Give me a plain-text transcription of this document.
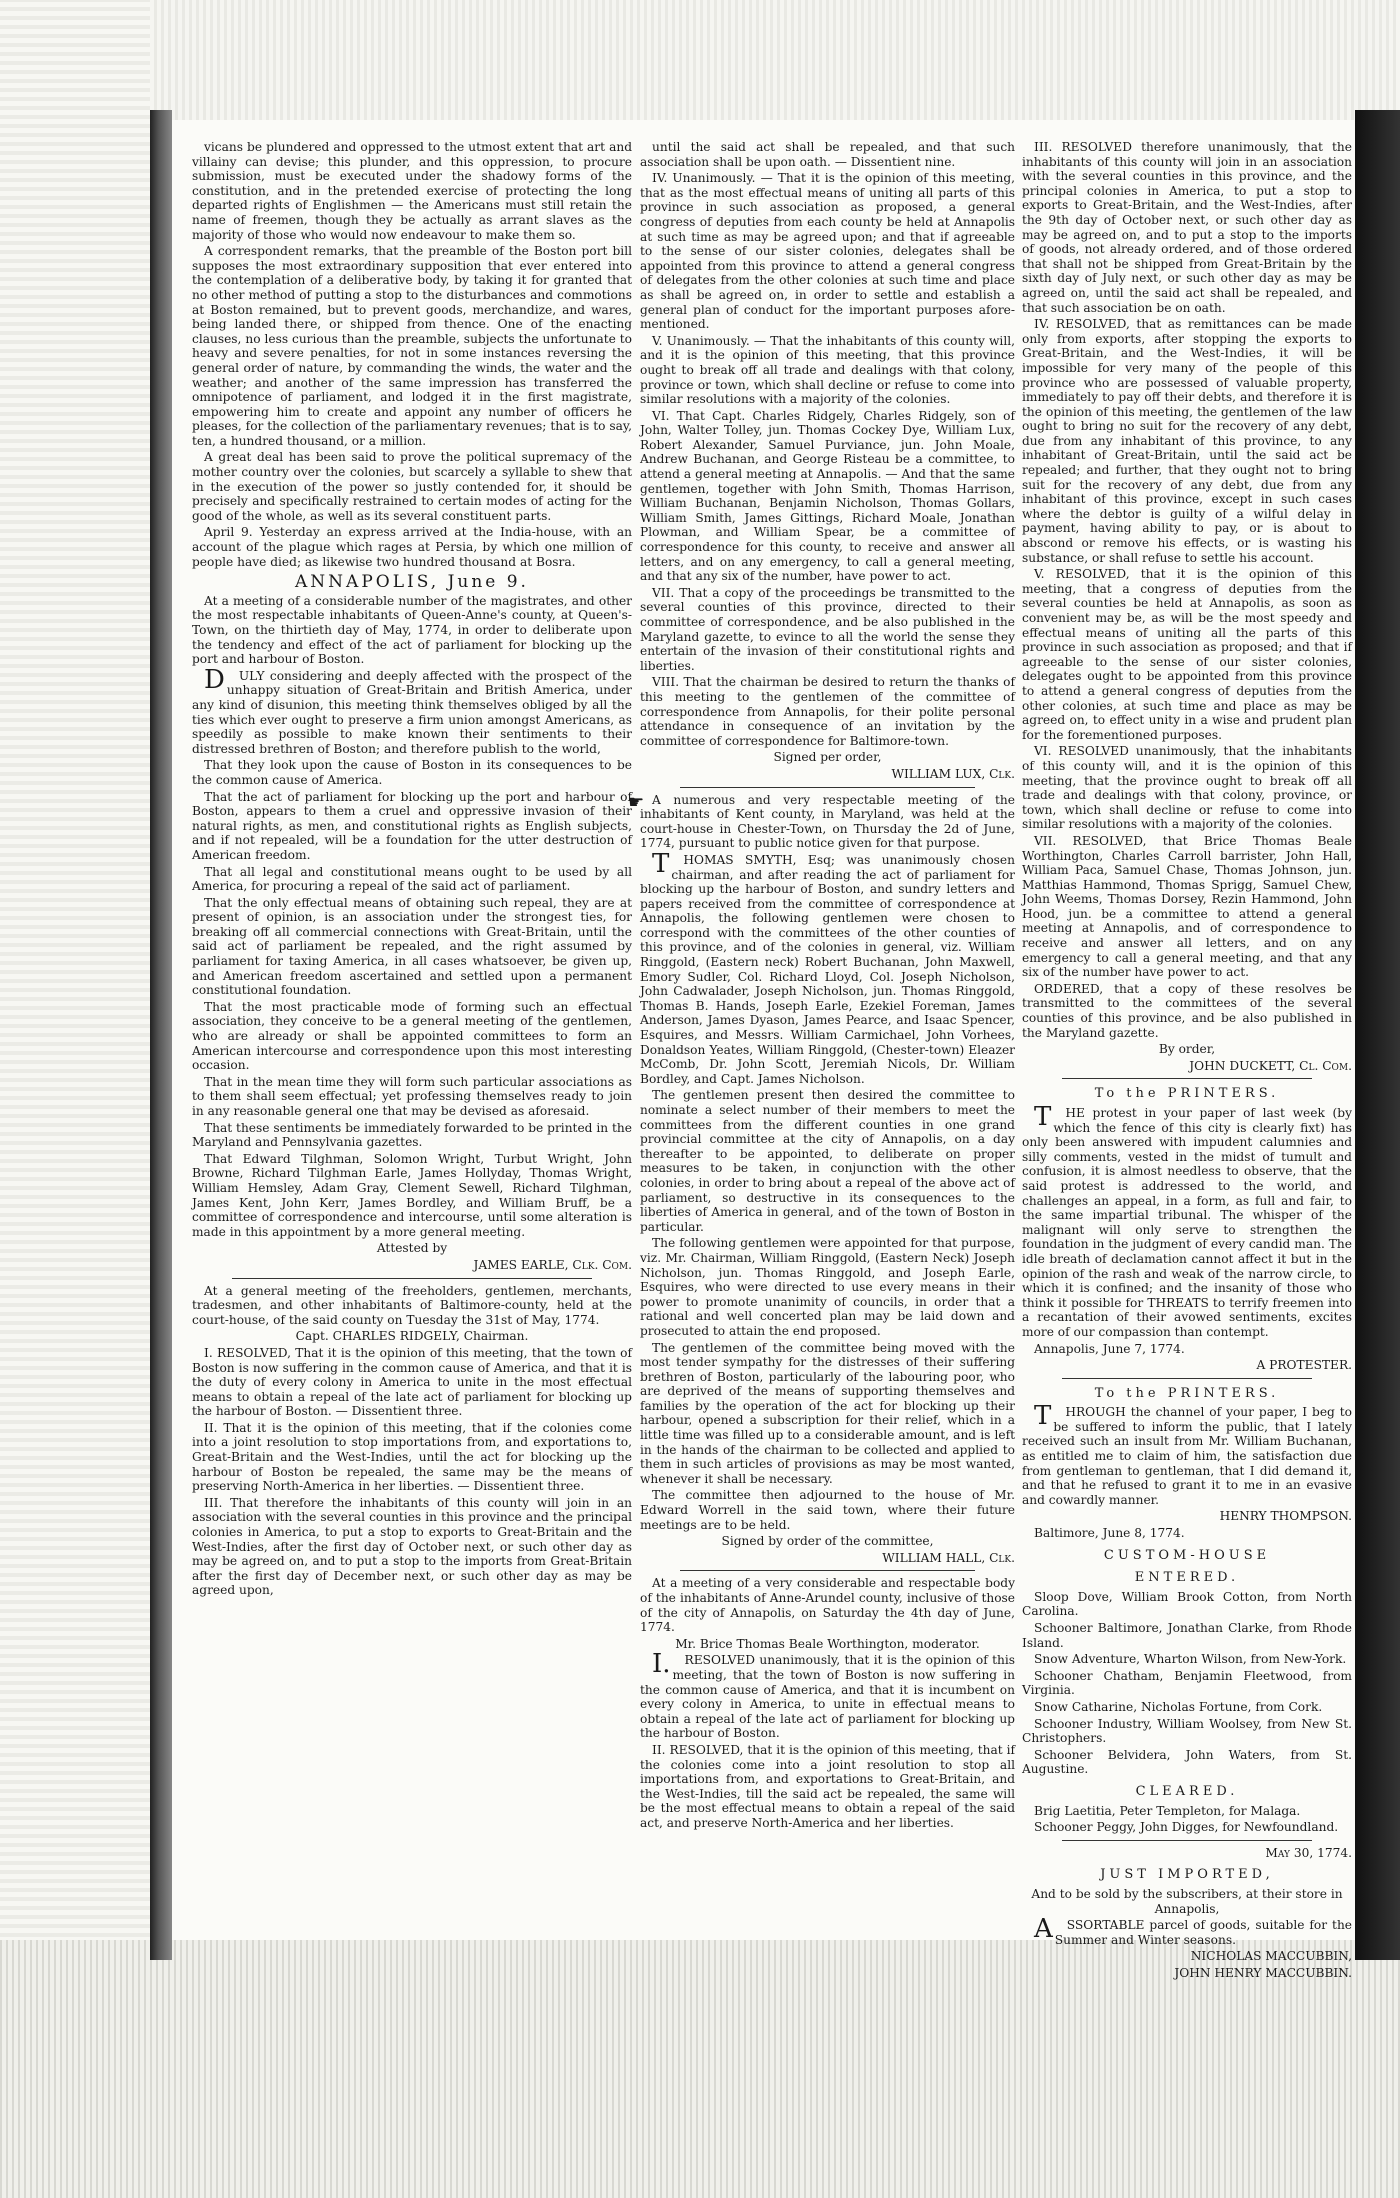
vicans be plundered and oppressed to the utmost extent that art and villainy can devise; this plunder, and this oppression, to procure submission, must be executed under the shadowy forms of the constitution, and in the pretended exercise of protecting the long departed rights of Englishmen — the Americans must still retain the name of freemen, though they be actually as arrant slaves as the majority of those who would now endeavour to make them so.

A correspondent remarks, that the preamble of the Boston port bill supposes the most extraordinary supposition that ever entered into the contemplation of a deliberative body, by taking it for granted that no other method of putting a stop to the disturbances and commotions at Boston remained, but to prevent goods, merchandize, and wares, being landed there, or shipped from thence. One of the enacting clauses, no less curious than the preamble, subjects the unfortunate to heavy and severe penalties, for not in some instances reversing the general order of nature, by commanding the winds, the water and the weather; and another of the same impression has transferred the omnipotence of parliament, and lodged it in the first magistrate, empowering him to create and appoint any number of officers he pleases, for the collection of the parliamentary revenues; that is to say, ten, a hundred thousand, or a million.

A great deal has been said to prove the political supremacy of the mother country over the colonies, but scarcely a syllable to shew that in the execution of the power so justly contended for, it should be precisely and specifically restrained to certain modes of acting for the good of the whole, as well as its several constituent parts.

April 9. Yesterday an express arrived at the India-house, with an account of the plague which rages at Persia, by which one million of people have died; as likewise two hundred thousand at Bosra.

ANNAPOLIS, June 9.

At a meeting of a considerable number of the magistrates, and other the most respectable inhabitants of Queen-Anne's county, at Queen's-Town, on the thirtieth day of May, 1774, in order to deliberate upon the tendency and effect of the act of parliament for blocking up the port and harbour of Boston.

DULY considering and deeply affected with the prospect of the unhappy situation of Great-Britain and British America, under any kind of disunion, this meeting think themselves obliged by all the ties which ever ought to preserve a firm union amongst Americans, as speedily as possible to make known their sentiments to their distressed brethren of Boston; and therefore publish to the world,

That they look upon the cause of Boston in its consequences to be the common cause of America.

That the act of parliament for blocking up the port and harbour of Boston, appears to them a cruel and oppressive invasion of their natural rights, as men, and constitutional rights as English subjects, and if not repealed, will be a foundation for the utter destruction of American freedom.

That all legal and constitutional means ought to be used by all America, for procuring a repeal of the said act of parliament.

That the only effectual means of obtaining such repeal, they are at present of opinion, is an association under the strongest ties, for breaking off all commercial connections with Great-Britain, until the said act of parliament be repealed, and the right assumed by parliament for taxing America, in all cases whatsoever, be given up, and American freedom ascertained and settled upon a permanent constitutional foundation.

That the most practicable mode of forming such an effectual association, they conceive to be a general meeting of the gentlemen, who are already or shall be appointed committees to form an American intercourse and correspondence upon this most interesting occasion.

That in the mean time they will form such particular associations as to them shall seem effectual; yet professing themselves ready to join in any reasonable general one that may be devised as aforesaid.

That these sentiments be immediately forwarded to be printed in the Maryland and Pennsylvania gazettes.

That Edward Tilghman, Solomon Wright, Turbut Wright, John Browne, Richard Tilghman Earle, James Hollyday, Thomas Wright, William Hemsley, Adam Gray, Clement Sewell, Richard Tilghman, James Kent, John Kerr, James Bordley, and William Bruff, be a committee of correspondence and intercourse, until some alteration is made in this appointment by a more general meeting.

Attested by

JAMES EARLE, Clk. Com.

At a general meeting of the freeholders, gentlemen, merchants, tradesmen, and other inhabitants of Baltimore-county, held at the court-house, of the said county on Tuesday the 31st of May, 1774.

Capt. CHARLES RIDGELY, Chairman.

I. RESOLVED, That it is the opinion of this meeting, that the town of Boston is now suffering in the common cause of America, and that it is the duty of every colony in America to unite in the most effectual means to obtain a repeal of the late act of parliament for blocking up the harbour of Boston. — Dissentient three.

II. That it is the opinion of this meeting, that if the colonies come into a joint resolution to stop importations from, and exportations to, Great-Britain and the West-Indies, until the act for blocking up the harbour of Boston be repealed, the same may be the means of preserving North-America in her liberties. — Dissentient three.

III. That therefore the inhabitants of this county will join in an association with the several counties in this province and the principal colonies in America, to put a stop to exports to Great-Britain and the West-Indies, after the first day of October next, or such other day as may be agreed on, and to put a stop to the imports from Great-Britain after the first day of December next, or such other day as may be agreed upon,

until the said act shall be repealed, and that such association shall be upon oath. — Dissentient nine.

IV. Unanimously. — That it is the opinion of this meeting, that as the most effectual means of uniting all parts of this province in such association as proposed, a general congress of deputies from each county be held at Annapolis at such time as may be agreed upon; and that if agreeable to the sense of our sister colonies, delegates shall be appointed from this province to attend a general congress of delegates from the other colonies at such time and place as shall be agreed on, in order to settle and establish a general plan of conduct for the important purposes afore-mentioned.

V. Unanimously. — That the inhabitants of this county will, and it is the opinion of this meeting, that this province ought to break off all trade and dealings with that colony, province or town, which shall decline or refuse to come into similar resolutions with a majority of the colonies.

VI. That Capt. Charles Ridgely, Charles Ridgely, son of John, Walter Tolley, jun. Thomas Cockey Dye, William Lux, Robert Alexander, Samuel Purviance, jun. John Moale, Andrew Buchanan, and George Risteau be a committee, to attend a general meeting at Annapolis. — And that the same gentlemen, together with John Smith, Thomas Harrison, William Buchanan, Benjamin Nicholson, Thomas Gollars, William Smith, James Gittings, Richard Moale, Jonathan Plowman, and William Spear, be a committee of correspondence for this county, to receive and answer all letters, and on any emergency, to call a general meeting, and that any six of the number, have power to act.

VII. That a copy of the proceedings be transmitted to the several counties of this province, directed to their committee of correspondence, and be also published in the Maryland gazette, to evince to all the world the sense they entertain of the invasion of their constitutional rights and liberties.

VIII. That the chairman be desired to return the thanks of this meeting to the gentlemen of the committee of correspondence from Annapolis, for their polite personal attendance in consequence of an invitation by the committee of correspondence for Baltimore-town.

Signed per order,

WILLIAM LUX, Clk.

A numerous and very respectable meeting of the inhabitants of Kent county, in Maryland, was held at the court-house in Chester-Town, on Thursday the 2d of June, 1774, pursuant to public notice given for that purpose.

THOMAS SMYTH, Esq; was unanimously chosen chairman, and after reading the act of parliament for blocking up the harbour of Boston, and sundry letters and papers received from the committee of correspondence at Annapolis, the following gentlemen were chosen to correspond with the committees of the other counties of this province, and of the colonies in general, viz. William Ringgold, (Eastern neck) Robert Buchanan, John Maxwell, Emory Sudler, Col. Richard Lloyd, Col. Joseph Nicholson, John Cadwalader, Joseph Nicholson, jun. Thomas Ringgold, Thomas B. Hands, Joseph Earle, Ezekiel Foreman, James Anderson, James Dyason, James Pearce, and Isaac Spencer, Esquires, and Messrs. William Carmichael, John Vorhees, Donaldson Yeates, William Ringgold, (Chester-town) Eleazer McComb, Dr. John Scott, Jeremiah Nicols, Dr. William Bordley, and Capt. James Nicholson.

The gentlemen present then desired the committee to nominate a select number of their members to meet the committees from the different counties in one grand provincial committee at the city of Annapolis, on a day thereafter to be appointed, to deliberate on proper measures to be taken, in conjunction with the other colonies, in order to bring about a repeal of the above act of parliament, so destructive in its consequences to the liberties of America in general, and of the town of Boston in particular.

The following gentlemen were appointed for that purpose, viz. Mr. Chairman, William Ringgold, (Eastern Neck) Joseph Nicholson, jun. Thomas Ringgold, and Joseph Earle, Esquires, who were directed to use every means in their power to promote unanimity of councils, in order that a rational and well concerted plan may be laid down and prosecuted to attain the end proposed.

The gentlemen of the committee being moved with the most tender sympathy for the distresses of their suffering brethren of Boston, particularly of the labouring poor, who are deprived of the means of supporting themselves and families by the operation of the act for blocking up their harbour, opened a subscription for their relief, which in a little time was filled up to a considerable amount, and is left in the hands of the chairman to be collected and applied to them in such articles of provisions as may be most wanted, whenever it shall be necessary.

The committee then adjourned to the house of Mr. Edward Worrell in the said town, where their future meetings are to be held.

Signed by order of the committee,

WILLIAM HALL, Clk.

At a meeting of a very considerable and respectable body of the inhabitants of Anne-Arundel county, inclusive of those of the city of Annapolis, on Saturday the 4th day of June, 1774.

Mr. Brice Thomas Beale Worthington, moderator.

I.RESOLVED unanimously, that it is the opinion of this meeting, that the town of Boston is now suffering in the common cause of America, and that it is incumbent on every colony in America, to unite in effectual means to obtain a repeal of the late act of parliament for blocking up the harbour of Boston.

II. RESOLVED, that it is the opinion of this meeting, that if the colonies come into a joint resolution to stop all importations from, and exportations to Great-Britain, and the West-Indies, till the said act be repealed, the same will be the most effectual means to obtain a repeal of the said act, and preserve North-America and her liberties.

III. RESOLVED therefore unanimously, that the inhabitants of this county will join in an association with the several counties in this province, and the principal colonies in America, to put a stop to exports to Great-Britain, and the West-Indies, after the 9th day of October next, or such other day as may be agreed on, and to put a stop to the imports of goods, not already ordered, and of those ordered that shall not be shipped from Great-Britain by the sixth day of July next, or such other day as may be agreed on, until the said act shall be repealed, and that such association be on oath.

IV. RESOLVED, that as remittances can be made only from exports, after stopping the exports to Great-Britain, and the West-Indies, it will be impossible for very many of the people of this province who are possessed of valuable property, immediately to pay off their debts, and therefore it is the opinion of this meeting, the gentlemen of the law ought to bring no suit for the recovery of any debt, due from any inhabitant of this province, to any inhabitant of Great-Britain, until the said act be repealed; and further, that they ought not to bring suit for the recovery of any debt, due from any inhabitant of this province, except in such cases where the debtor is guilty of a wilful delay in payment, having ability to pay, or is about to abscond or remove his effects, or is wasting his substance, or shall refuse to settle his account.

V. RESOLVED, that it is the opinion of this meeting, that a congress of deputies from the several counties be held at Annapolis, as soon as convenient may be, as will be the most speedy and effectual means of uniting all the parts of this province in such association as proposed; and that if agreeable to the sense of our sister colonies, delegates ought to be appointed from this province to attend a general congress of deputies from the other colonies, at such time and place as may be agreed on, to effect unity in a wise and prudent plan for the forementioned purposes.

VI. RESOLVED unanimously, that the inhabitants of this county will, and it is the opinion of this meeting, that the province ought to break off all trade and dealings with that colony, province, or town, which shall decline or refuse to come into similar resolutions with a majority of the colonies.

VII. RESOLVED, that Brice Thomas Beale Worthington, Charles Carroll barrister, John Hall, William Paca, Samuel Chase, Thomas Johnson, jun. Matthias Hammond, Thomas Sprigg, Samuel Chew, John Weems, Thomas Dorsey, Rezin Hammond, John Hood, jun. be a committee to attend a general meeting at Annapolis, and of correspondence to receive and answer all letters, and on any emergency to call a general meeting, and that any six of the number have power to act.

ORDERED, that a copy of these resolves be transmitted to the committees of the several counties of this province, and be also published in the Maryland gazette.

By order,

JOHN DUCKETT, Cl. Com.

To the PRINTERS.

THE protest in your paper of last week (by which the fence of this city is clearly fixt) has only been answered with impudent calumnies and silly comments, vested in the midst of tumult and confusion, it is almost needless to observe, that the said protest is addressed to the world, and challenges an appeal, in a form, as full and fair, to the same impartial tribunal. The whisper of the malignant will only serve to strengthen the foundation in the judgment of every candid man. The idle breath of declamation cannot affect it but in the opinion of the rash and weak of the narrow circle, to which it is confined; and the insanity of those who think it possible for THREATS to terrify freemen into a recantation of their avowed sentiments, excites more of our compassion than contempt.

Annapolis, June 7, 1774.

A PROTESTER.

To the PRINTERS.

THROUGH the channel of your paper, I beg to be suffered to inform the public, that I lately received such an insult from Mr. William Buchanan, as entitled me to claim of him, the satisfaction due from gentleman to gentleman, that I did demand it, and that he refused to grant it to me in an evasive and cowardly manner.

HENRY THOMPSON.

Baltimore, June 8, 1774.

CUSTOM-HOUSE

ENTERED.

Sloop Dove, William Brook Cotton, from North Carolina.

Schooner Baltimore, Jonathan Clarke, from Rhode Island.

Snow Adventure, Wharton Wilson, from New-York.

Schooner Chatham, Benjamin Fleetwood, from Virginia.

Snow Catharine, Nicholas Fortune, from Cork.

Schooner Industry, William Woolsey, from New St. Christophers.

Schooner Belvidera, John Waters, from St. Augustine.

CLEARED.

Brig Laetitia, Peter Templeton, for Malaga.

Schooner Peggy, John Digges, for Newfoundland.

May 30, 1774.

JUST IMPORTED,

And to be sold by the subscribers, at their store in Annapolis,

ASSORTABLE parcel of goods, suitable for the Summer and Winter seasons.

NICHOLAS MACCUBBIN,

JOHN HENRY MACCUBBIN.

☛
